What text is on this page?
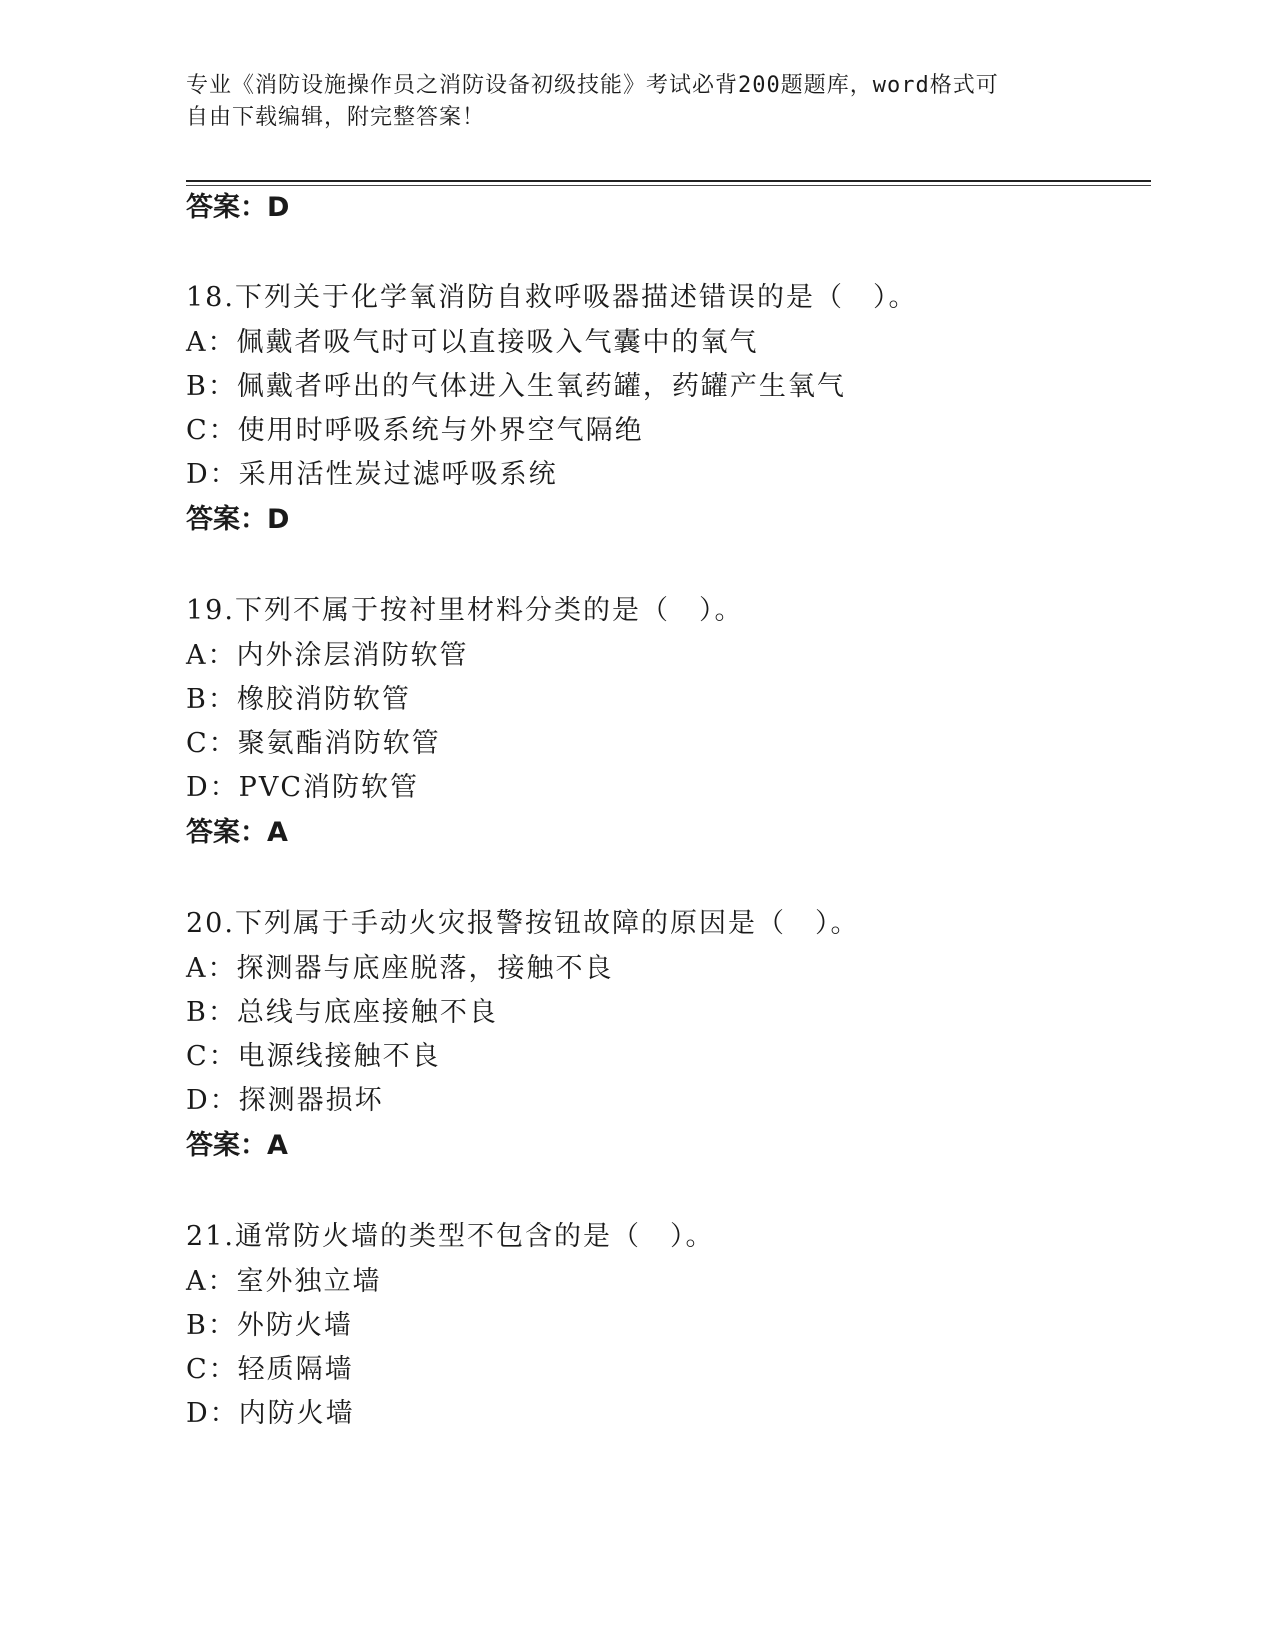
专业《消防设施操作员之消防设备初级技能》考试必背200题题库，word格式可
自由下载编辑，附完整答案！
答案：D
18.下列关于化学氧消防自救呼吸器描述错误的是（　）。
A：佩戴者吸气时可以直接吸入气囊中的氧气
B：佩戴者呼出的气体进入生氧药罐，药罐产生氧气
C：使用时呼吸系统与外界空气隔绝
D：采用活性炭过滤呼吸系统
答案：D
19.下列不属于按衬里材料分类的是（　）。
A：内外涂层消防软管
B：橡胶消防软管
C：聚氨酯消防软管
D：PVC消防软管
答案：A
20.下列属于手动火灾报警按钮故障的原因是（　）。
A：探测器与底座脱落，接触不良
B：总线与底座接触不良
C：电源线接触不良
D：探测器损坏
答案：A
21.通常防火墙的类型不包含的是（　）。
A：室外独立墙
B：外防火墙
C：轻质隔墙
D：内防火墙
